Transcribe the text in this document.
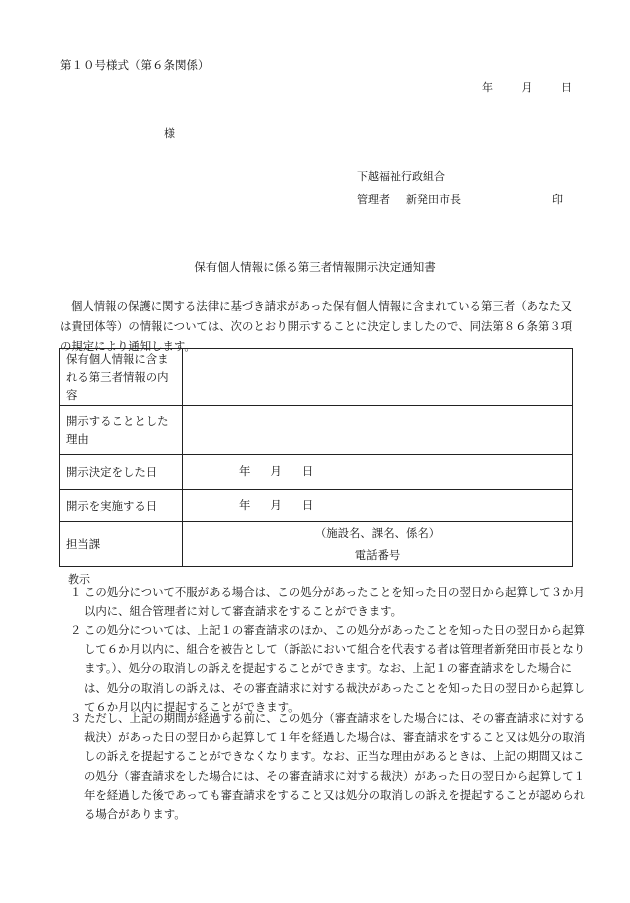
第１０号様式（第６条関係）
年	月	日
様
下越福祉行政組合
管理者 新発田市長	印
保有個人情報に係る第三者情報開示決定通知書
個人情報の保護に関する法律に基づき請求があった保有個人情報に含まれている第三者（あなた又は貴団体等）の情報については、次のとおり開示することに決定しましたので、同法第８６条第３項の規定により通知します。
保有個人情報に含まれる第三者情報の内容	
開示することとした理由	
開示決定をした日	年 月 日

開示を実施する日	年 月 日

担当課	（施設名、課名、係名）
電話番号
教示
１ この処分について不服がある場合は、この処分があったことを知った日の翌日から起算して３か月以内に、組合管理者に対して審査請求をすることができます。
２ この処分については、上記１の審査請求のほか、この処分があったことを知った日の翌日から起算して６か月以内に、組合を被告として（訴訟において組合を代表する者は管理者新発田市長となります。）、処分の取消しの訴えを提起することができます。なお、上記１の審査請求をした場合には、処分の取消しの訴えは、その審査請求に対する裁決があったことを知った日の翌日から起算して６か月以内に提起することができます。
３ ただし、上記の期間が経過する前に、この処分（審査請求をした場合には、その審査請求に対する裁決）があった日の翌日から起算して１年を経過した場合は、審査請求をすること又は処分の取消しの訴えを提起することができなくなります。なお、正当な理由があるときは、上記の期間又はこの処分（審査請求をした場合には、その審査請求に対する裁決）があった日の翌日から起算して１年を経過した後であっても審査請求をすること又は処分の取消しの訴えを提起することが認められる場合があります。
